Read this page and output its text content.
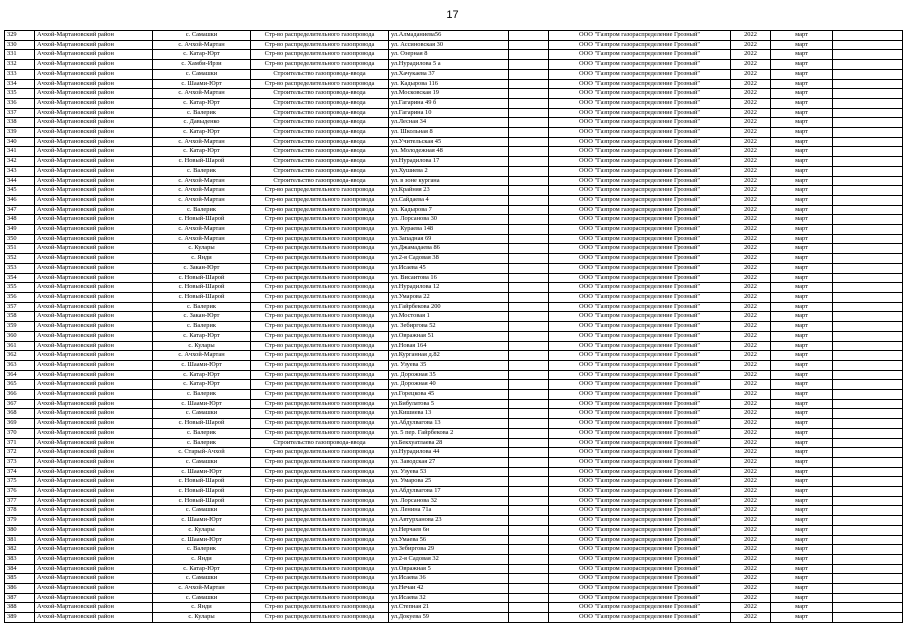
17
329	Ачхой-Мартановский район	с. Самашки	Стр-во распределительного газопровода	ул.Алмаданиева56		ООО "Газпром газораспределение Грозный"	2022	март	
330	Ачхой-Мартановский район	с. Ачхой-Мартан	Стр-во распределительного газопровода	ул. Ассиновская 30		ООО "Газпром газораспределение Грозный"	2022	март	
331	Ачхой-Мартановский район	с. Катар-Юрт	Стр-во распределительного газопровода	ул. Озерная 8		ООО "Газпром газораспределение Грозный"	2022	март	
332	Ачхой-Мартановский район	с. Хамби-Ирзи	Стр-во распределительного газопровода	ул.Нурадилова 5 а		ООО "Газпром газораспределение Грозный"	2022	март	
333	Ачхой-Мартановский район	с. Самашки	Строительство газопровода-ввода	ул.Хачукаева 37		ООО "Газпром газораспределение Грозный"	2022	март	
334	Ачхой-Мартановский район	с. Шаами-Юрт	Стр-во распределительного газопровода	ул. Кадырова 116		ООО "Газпром газораспределение Грозный"	2022	март	
335	Ачхой-Мартановский район	с. Ачхой-Мартан	Строительство газопровода-ввода	ул.Московская 19		ООО "Газпром газораспределение Грозный"	2022	март	
336	Ачхой-Мартановский район	с. Катар-Юрт	Строительство газопровода-ввода	ул.Гагарина 49 б		ООО "Газпром газораспределение Грозный"	2022	март	
337	Ачхой-Мартановский район	с. Валерик	Строительство газопровода-ввода	ул.Гагарина 10		ООО "Газпром газораспределение Грозный"	2022	март	
338	Ачхой-Мартановский район	с. Давыденко	Строительство газопровода-ввода	ул.Лесная 34		ООО "Газпром газораспределение Грозный"	2022	март	
339	Ачхой-Мартановский район	с. Катар-Юрт	Строительство газопровода-ввода	ул. Школьная 8		ООО "Газпром газораспределение Грозный"	2022	март	
340	Ачхой-Мартановский район	с. Ачхой-Мартан	Строительство газопровода-ввода	ул.Учительская 45		ООО "Газпром газораспределение Грозный"	2022	март	
341	Ачхой-Мартановский район	с. Катар-Юрт	Строительство газопровода-ввода	ул. Молодежная 48		ООО "Газпром газораспределение Грозный"	2022	март	
342	Ачхой-Мартановский район	с. Новый-Шарой	Строительство газопровода-ввода	ул.Нурадилова 17		ООО "Газпром газораспределение Грозный"	2022	март	
343	Ачхой-Мартановский район	с. Валерик	Строительство газопровода-ввода	ул.Хушиева 2		ООО "Газпром газораспределение Грозный"	2022	март	
344	Ачхой-Мартановский район	с. Ачхой-Мартан	Строительство газопровода-ввода	ул. в зоне кургана		ООО "Газпром газораспределение Грозный"	2022	март	
345	Ачхой-Мартановский район	с. Ачхой-Мартан	Стр-во распределительного газопровода	ул.Крайняя 23		ООО "Газпром газораспределение Грозный"	2022	март	
346	Ачхой-Мартановский район	с. Ачхой-Мартан	Стр-во распределительного газопровода	ул.Сайдаева 4		ООО "Газпром газораспределение Грозный"	2022	март	
347	Ачхой-Мартановский район	с. Валерик	Стр-во распределительного газопровода	ул. Кадырова 7		ООО "Газпром газораспределение Грозный"	2022	март	
348	Ачхой-Мартановский район	с. Новый-Шарой	Стр-во распределительного газопровода	ул. Лорсанова 30		ООО "Газпром газораспределение Грозный"	2022	март	
349	Ачхой-Мартановский район	с. Ачхой-Мартан	Стр-во распределительного газопровода	ул. Кураева 148		ООО "Газпром газораспределение Грозный"	2022	март	
350	Ачхой-Мартановский район	с. Ачхой-Мартан	Стр-во распределительного газопровода	ул.Западная 69		ООО "Газпром газораспределение Грозный"	2022	март	
351	Ачхой-Мартановский район	с. Кулары	Стр-во распределительного газопровода	ул.Джамадаева 86		ООО "Газпром газораспределение Грозный"	2022	март	
352	Ачхой-Мартановский район	с. Янди	Стр-во распределительного газопровода	ул.2-я Садовая 38		ООО "Газпром газораспределение Грозный"	2022	март	
353	Ачхой-Мартановский район	с. Закан-Юрт	Стр-во распределительного газопровода	ул.Исаева 45		ООО "Газпром газораспределение Грозный"	2022	март	
354	Ачхой-Мартановский район	с. Новый-Шарой	Стр-во распределительного газопровода	ул. Висаитова 16		ООО "Газпром газораспределение Грозный"	2022	март	
355	Ачхой-Мартановский район	с. Новый-Шарой	Стр-во распределительного газопровода	ул.Нурадилова 12		ООО "Газпром газораспределение Грозный"	2022	март	
356	Ачхой-Мартановский район	с. Новый-Шарой	Стр-во распределительного газопровода	ул.Умарова 22		ООО "Газпром газораспределение Грозный"	2022	март	
357	Ачхой-Мартановский район	с. Валерик	Стр-во распределительного газопровода	ул.Гайрбекова 200		ООО "Газпром газораспределение Грозный"	2022	март	
358	Ачхой-Мартановский район	с. Закан-Юрт	Стр-во распределительного газопровода	ул.Мостовая 1		ООО "Газпром газораспределение Грозный"	2022	март	
359	Ачхой-Мартановский район	с. Валерик	Стр-во распределительного газопровода	ул. Зебиргова 52		ООО "Газпром газораспределение Грозный"	2022	март	
360	Ачхой-Мартановский район	с. Катар-Юрт	Стр-во распределительного газопровода	ул.Овражная 51		ООО "Газпром газораспределение Грозный"	2022	март	
361	Ачхой-Мартановский район	с. Кулары	Стр-во распределительного газопровода	ул.Новая 164		ООО "Газпром газораспределение Грозный"	2022	март	
362	Ачхой-Мартановский район	с. Ачхой-Мартан	Стр-во распределительного газопровода	ул.Курганная д.82		ООО "Газпром газораспределение Грозный"	2022	март	
363	Ачхой-Мартановский район	с. Шаами-Юрт	Стр-во распределительного газопровода	ул. Узуева 35		ООО "Газпром газораспределение Грозный"	2022	март	
364	Ачхой-Мартановский район	с. Катар-Юрт	Стр-во распределительного газопровода	ул. Дорожная 35		ООО "Газпром газораспределение Грозный"	2022	март	
365	Ачхой-Мартановский район	с. Катар-Юрт	Стр-во распределительного газопровода	ул. Дорожная 40		ООО "Газпром газораспределение Грозный"	2022	март	
366	Ачхой-Мартановский район	с. Валерик	Стр-во распределительного газопровода	ул.Горецкова 45		ООО "Газпром газораспределение Грозный"	2022	март	
367	Ачхой-Мартановский район	с. Шаами-Юрт	Стр-во распределительного газопровода	ул.Бибулатова 5		ООО "Газпром газораспределение Грозный"	2022	март	
368	Ачхой-Мартановский район	с. Самашки	Стр-во распределительного газопровода	ул.Кишиева 13		ООО "Газпром газораспределение Грозный"	2022	март	
369	Ачхой-Мартановский район	с. Новый-Шарой	Стр-во распределительного газопровода	ул.Абдулвагова 13		ООО "Газпром газораспределение Грозный"	2022	март	
370	Ачхой-Мартановский район	с. Валерик	Стр-во распределительного газопровода	ул. 5 пер. Гайрбекова 2		ООО "Газпром газораспределение Грозный"	2022	март	
371	Ачхой-Мартановский район	с. Валерик	Строительство газопровода-ввода	ул.Бекхуатлаева 28		ООО "Газпром газораспределение Грозный"	2022	март	
372	Ачхой-Мартановский район	с. Старый-Ачхой	Стр-во распределительного газопровода	ул.Нурадилова 44		ООО "Газпром газораспределение Грозный"	2022	март	
373	Ачхой-Мартановский район	с. Самашки	Стр-во распределительного газопровода	ул. Заводская 27		ООО "Газпром газораспределение Грозный"	2022	март	
374	Ачхой-Мартановский район	с. Шаами-Юрт	Стр-во распределительного газопровода	ул. Узуева 53		ООО "Газпром газораспределение Грозный"	2022	март	
375	Ачхой-Мартановский район	с. Новый-Шарой	Стр-во распределительного газопровода	ул. Умарова 25		ООО "Газпром газораспределение Грозный"	2022	март	
376	Ачхой-Мартановский район	с. Новый-Шарой	Стр-во распределительного газопровода	ул.Абдулвагова 17		ООО "Газпром газораспределение Грозный"	2022	март	
377	Ачхой-Мартановский район	с. Новый-Шарой	Стр-во распределительного газопровода	ул. Лорсанова 32		ООО "Газпром газораспределение Грозный"	2022	март	
378	Ачхой-Мартановский район	с. Самашки	Стр-во распределительного газопровода	ул. Ленина 71а		ООО "Газпром газораспределение Грозный"	2022	март	
379	Ачхой-Мартановский район	с. Шаами-Юрт	Стр-во распределительного газопровода	ул.Автурханова 23		ООО "Газпром газораспределение Грозный"	2022	март	
380	Ачхой-Мартановский район	с. Кулары	Стр-во распределительного газопровода	ул.Нерчаев 6н		ООО "Газпром газораспределение Грозный"	2022	март	
381	Ачхой-Мартановский район	с. Шаами-Юрт	Стр-во распределительного газопровода	ул.Умаева 56		ООО "Газпром газораспределение Грозный"	2022	март	
382	Ачхой-Мартановский район	с. Валерик	Стр-во распределительного газопровода	ул.Зебиргова 29		ООО "Газпром газораспределение Грозный"	2022	март	
383	Ачхой-Мартановский район	с. Янди	Стр-во распределительного газопровода	ул.2-я Садовая 32		ООО "Газпром газораспределение Грозный"	2022	март	
384	Ачхой-Мартановский район	с. Катар-Юрт	Стр-во распределительного газопровода	ул.Овражная 5		ООО "Газпром газораспределение Грозный"	2022	март	
385	Ачхой-Мартановский район	с. Самашки	Стр-во распределительного газопровода	ул.Исаева 36		ООО "Газпром газораспределение Грозный"	2022	март	
386	Ачхой-Мартановский район	с. Ачхой-Мартан	Стр-во распределительного газопровода	ул.Нечаи 42		ООО "Газпром газораспределение Грозный"	2022	март	
387	Ачхой-Мартановский район	с. Самашки	Стр-во распределительного газопровода	ул.Исаева 32		ООО "Газпром газораспределение Грозный"	2022	март	
388	Ачхой-Мартановский район	с. Янди	Стр-во распределительного газопровода	ул.Степная 21		ООО "Газпром газораспределение Грозный"	2022	март	
389	Ачхой-Мартановский район	с. Кулары	Стр-во распределительного газопровода	ул.Докуева 59		ООО "Газпром газораспределение Грозный"	2022	март	
